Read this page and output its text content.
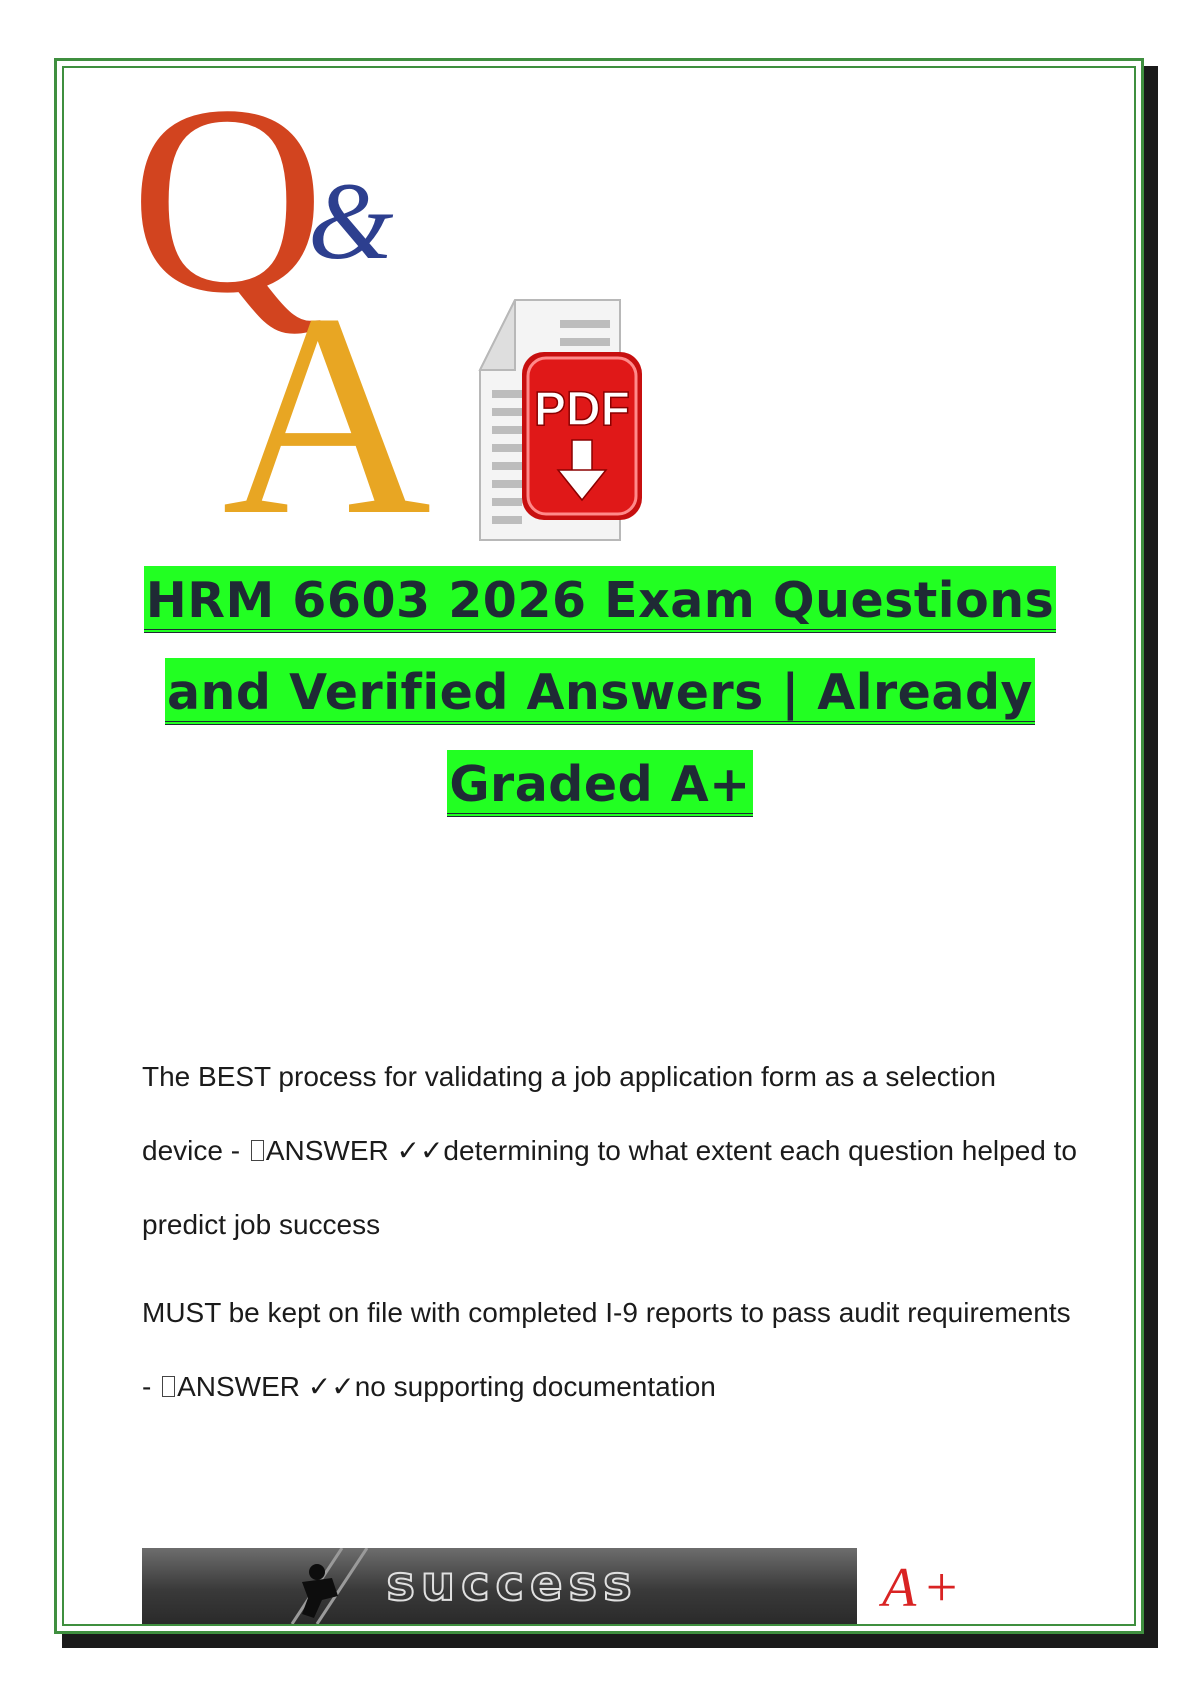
Q
&
A PDF
HRM 6603 2026 Exam Questions
and Verified Answers | Already
Graded A+
The BEST process for validating a job application form as a selection
device - ANSWER ✓✓determining to what extent each question helped to
predict job success
MUST be kept on file with completed I-9 reports to pass audit requirements
- ANSWER ✓✓no supporting documentation
success	A+
